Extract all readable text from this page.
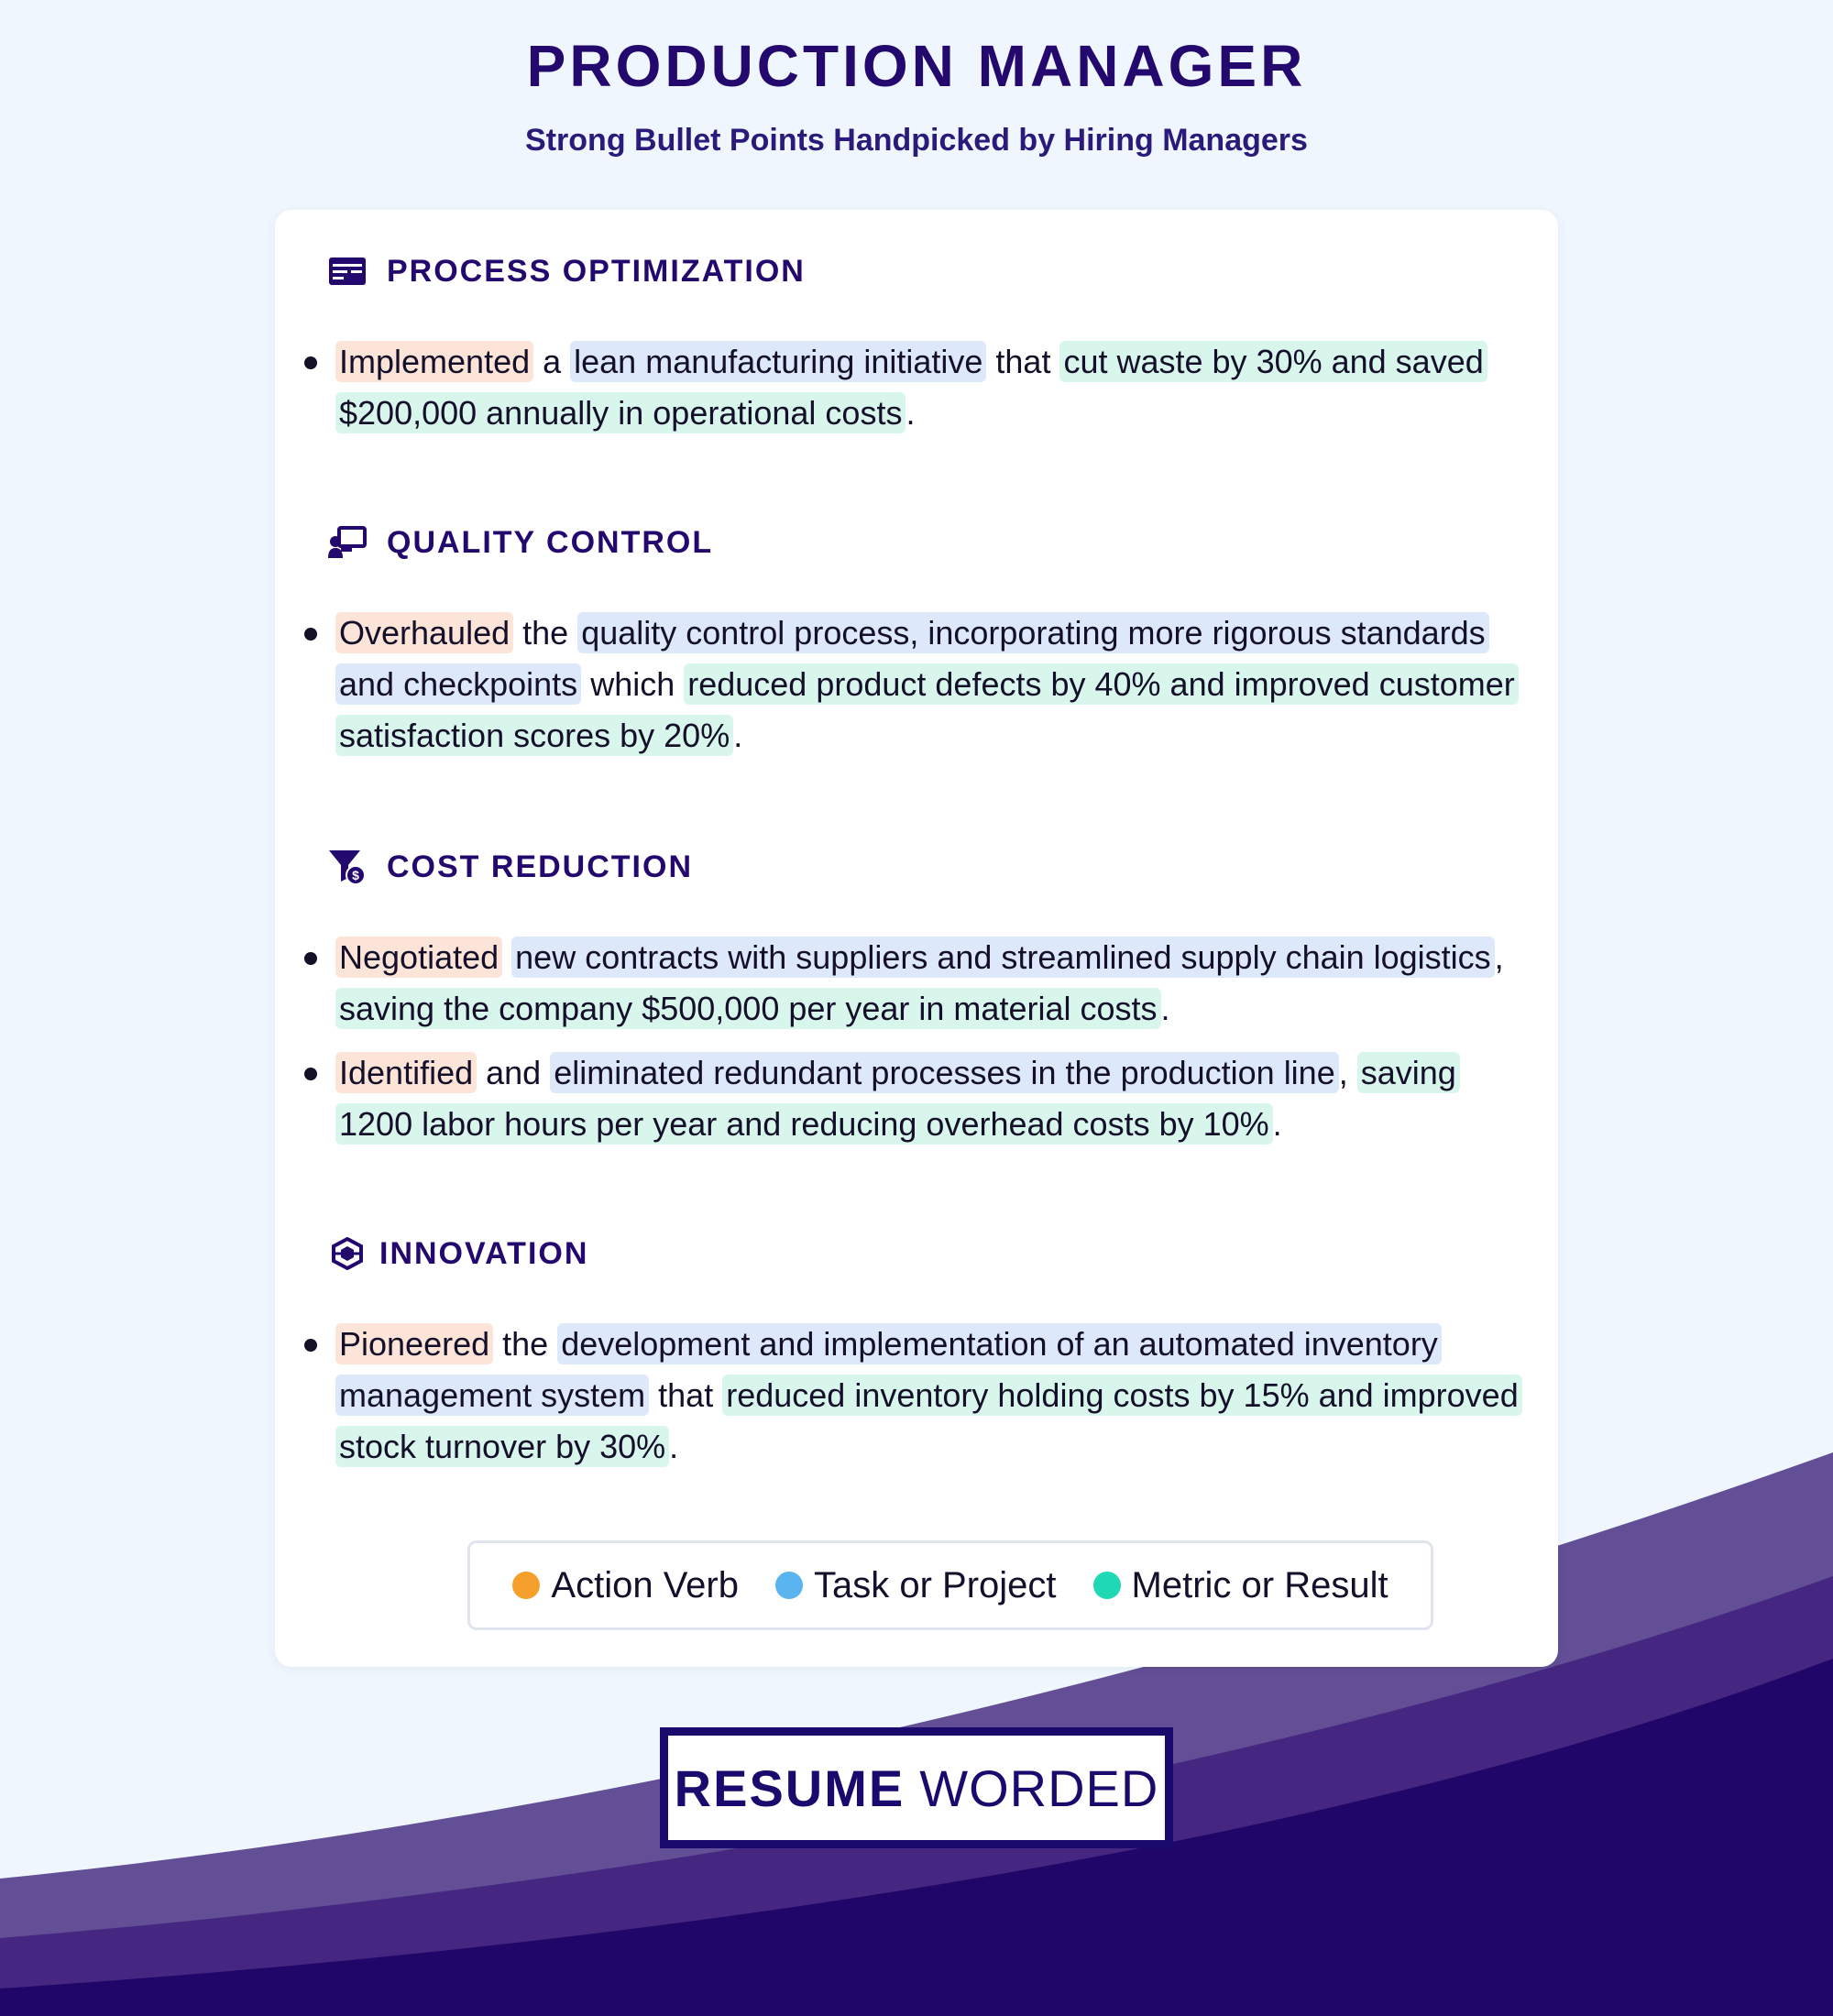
PRODUCTION MANAGER
Strong Bullet Points Handpicked by Hiring Managers
PROCESS OPTIMIZATION
Implemented a lean manufacturing initiative that cut waste by 30% and saved $200,000 annually in operational costs .
QUALITY CONTROL
Overhauled the quality control process, incorporating more rigorous standards and checkpoints which reduced product defects by 40% and improved customer satisfaction scores by 20% .
$ COST REDUCTION
Negotiated new contracts with suppliers and streamlined supply chain logistics , saving the company $500,000 per year in material costs .
Identified and eliminated redundant processes in the production line , saving 1200 labor hours per year and reducing overhead costs by 10% .
INNOVATION
Pioneered the development and implementation of an automated inventory management system that reduced inventory holding costs by 15% and improved stock turnover by 30% .
Action Verb Task or Project Metric or Result
RESUME WORDED
